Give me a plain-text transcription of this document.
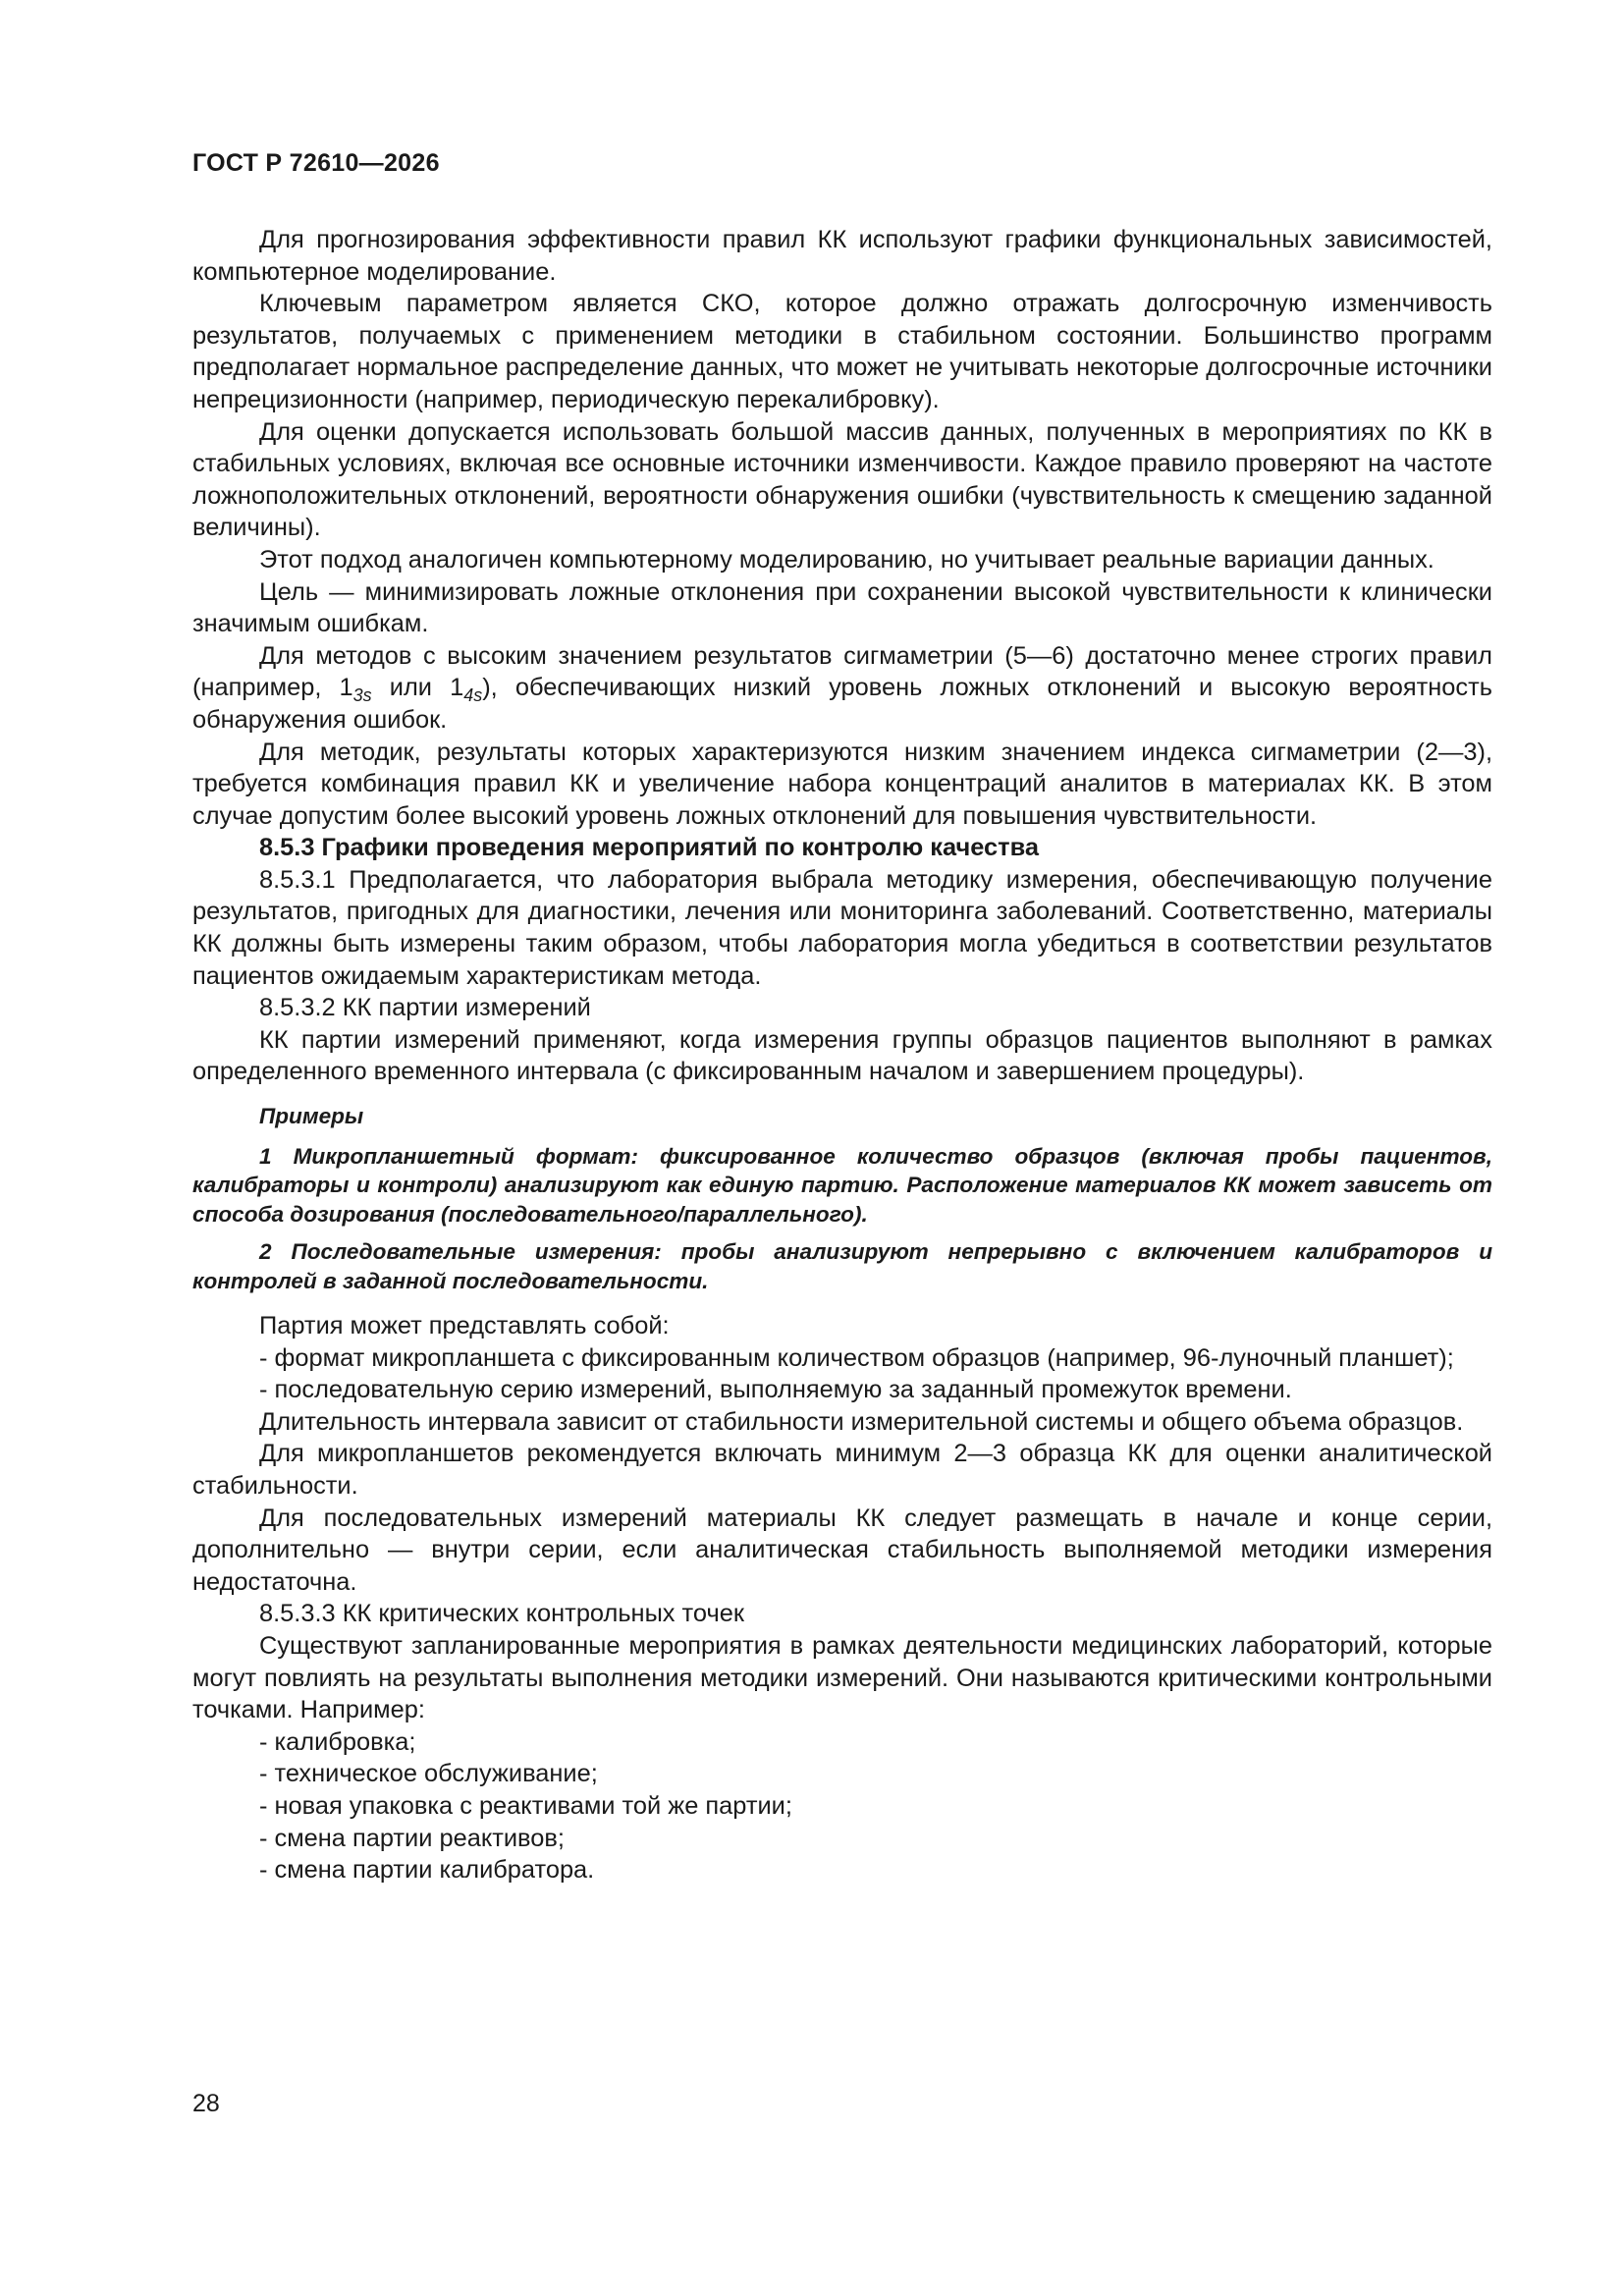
ГОСТ Р 72610—2026

Для прогнозирования эффективности правил КК используют графики функциональных зависимостей, компьютерное моделирование.

Ключевым параметром является СКО, которое должно отражать долгосрочную изменчивость результатов, получаемых с применением методики в стабильном состоянии. Большинство программ предполагает нормальное распределение данных, что может не учитывать некоторые долгосрочные источники непрецизионности (например, периодическую перекалибровку).

Для оценки допускается использовать большой массив данных, полученных в мероприятиях по КК в стабильных условиях, включая все основные источники изменчивости. Каждое правило проверяют на частоте ложноположительных отклонений, вероятности обнаружения ошибки (чувствительность к смещению заданной величины).

Этот подход аналогичен компьютерному моделированию, но учитывает реальные вариации данных.

Цель — минимизировать ложные отклонения при сохранении высокой чувствительности к клинически значимым ошибкам.

Для методов с высоким значением результатов сигмаметрии (5—6) достаточно менее строгих правил (например, $1_{3s}$ или $1_{4s}$), обеспечивающих низкий уровень ложных отклонений и высокую вероятность обнаружения ошибок.

Для методик, результаты которых характеризуются низким значением индекса сигмаметрии (2—3), требуется комбинация правил КК и увеличение набора концентраций аналитов в материалах КК. В этом случае допустим более высокий уровень ложных отклонений для повышения чувствительности.

8.5.3 Графики проведения мероприятий по контролю качества

8.5.3.1 Предполагается, что лаборатория выбрала методику измерения, обеспечивающую получение результатов, пригодных для диагностики, лечения или мониторинга заболеваний. Соответственно, материалы КК должны быть измерены таким образом, чтобы лаборатория могла убедиться в соответствии результатов пациентов ожидаемым характеристикам метода.

8.5.3.2 КК партии измерений

КК партии измерений применяют, когда измерения группы образцов пациентов выполняют в рамках определенного временного интервала (с фиксированным началом и завершением процедуры).

Примеры

1 Микропланшетный формат: фиксированное количество образцов (включая пробы пациентов, калибраторы и контроли) анализируют как единую партию. Расположение материалов КК может зависеть от способа дозирования (последовательного/параллельного).

2 Последовательные измерения: пробы анализируют непрерывно с включением калибраторов и контролей в заданной последовательности.

Партия может представлять собой:

- формат микропланшета с фиксированным количеством образцов (например, 96-луночный планшет);

- последовательную серию измерений, выполняемую за заданный промежуток времени.

Длительность интервала зависит от стабильности измерительной системы и общего объема образцов.

Для микропланшетов рекомендуется включать минимум 2—3 образца КК для оценки аналитической стабильности.

Для последовательных измерений материалы КК следует размещать в начале и конце серии, дополнительно — внутри серии, если аналитическая стабильность выполняемой методики измерения недостаточна.

8.5.3.3 КК критических контрольных точек

Существуют запланированные мероприятия в рамках деятельности медицинских лабораторий, которые могут повлиять на результаты выполнения методики измерений. Они называются критическими контрольными точками. Например:

- калибровка;

- техническое обслуживание;

- новая упаковка с реактивами той же партии;

- смена партии реактивов;

- смена партии калибратора.

28
